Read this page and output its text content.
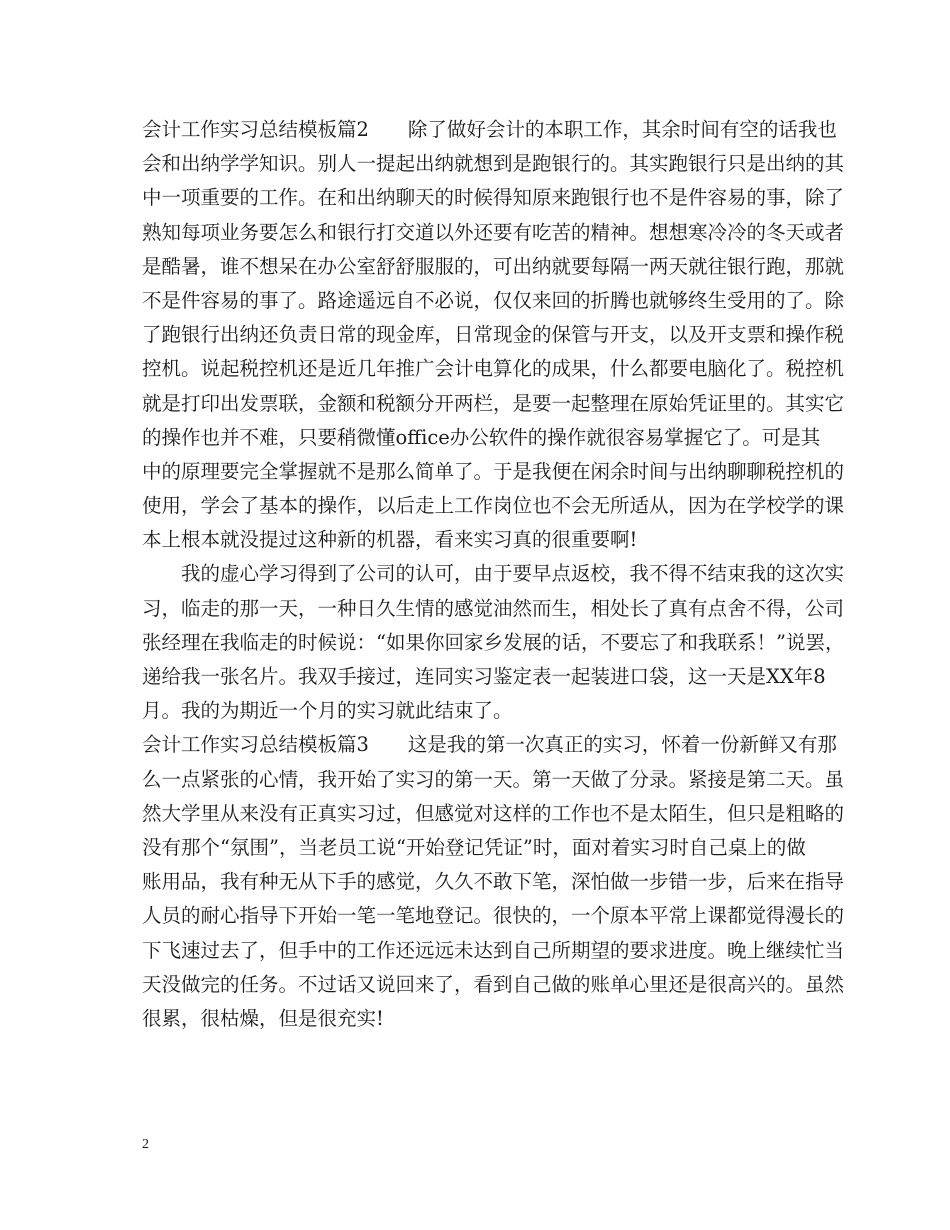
会计工作实习总结模板篇2　　除了做好会计的本职工作，其余时间有空的话我也
会和出纳学学知识。别人一提起出纳就想到是跑银行的。其实跑银行只是出纳的其
中一项重要的工作。在和出纳聊天的时候得知原来跑银行也不是件容易的事，除了
熟知每项业务要怎么和银行打交道以外还要有吃苦的精神。想想寒冷冷的冬天或者
是酷暑，谁不想呆在办公室舒舒服服的，可出纳就要每隔一两天就往银行跑，那就
不是件容易的事了。路途遥远自不必说，仅仅来回的折腾也就够终生受用的了。除
了跑银行出纳还负责日常的现金库，日常现金的保管与开支，以及开支票和操作税
控机。说起税控机还是近几年推广会计电算化的成果，什么都要电脑化了。税控机
就是打印出发票联，金额和税额分开两栏，是要一起整理在原始凭证里的。其实它
的操作也并不难，只要稍微懂office办公软件的操作就很容易掌握它了。可是其
中的原理要完全掌握就不是那么简单了。于是我便在闲余时间与出纳聊聊税控机的
使用，学会了基本的操作，以后走上工作岗位也不会无所适从，因为在学校学的课
本上根本就没提过这种新的机器，看来实习真的很重要啊!
　　我的虚心学习得到了公司的认可，由于要早点返校，我不得不结束我的这次实
习，临走的那一天，一种日久生情的感觉油然而生，相处长了真有点舍不得，公司
张经理在我临走的时候说：“如果你回家乡发展的话，不要忘了和我联系！”说罢，
递给我一张名片。我双手接过，连同实习鉴定表一起装进口袋，这一天是XX年8
月。我的为期近一个月的实习就此结束了。
会计工作实习总结模板篇3　　这是我的第一次真正的实习，怀着一份新鲜又有那
么一点紧张的心情，我开始了实习的第一天。第一天做了分录。紧接是第二天。虽
然大学里从来没有正真实习过，但感觉对这样的工作也不是太陌生，但只是粗略的
没有那个“氛围”，当老员工说“开始登记凭证”时，面对着实习时自己桌上的做
账用品，我有种无从下手的感觉，久久不敢下笔，深怕做一步错一步，后来在指导
人员的耐心指导下开始一笔一笔地登记。很快的，一个原本平常上课都觉得漫长的
下飞速过去了，但手中的工作还远远未达到自己所期望的要求进度。晚上继续忙当
天没做完的任务。不过话又说回来了，看到自己做的账单心里还是很高兴的。虽然
很累，很枯燥，但是很充实!
2
